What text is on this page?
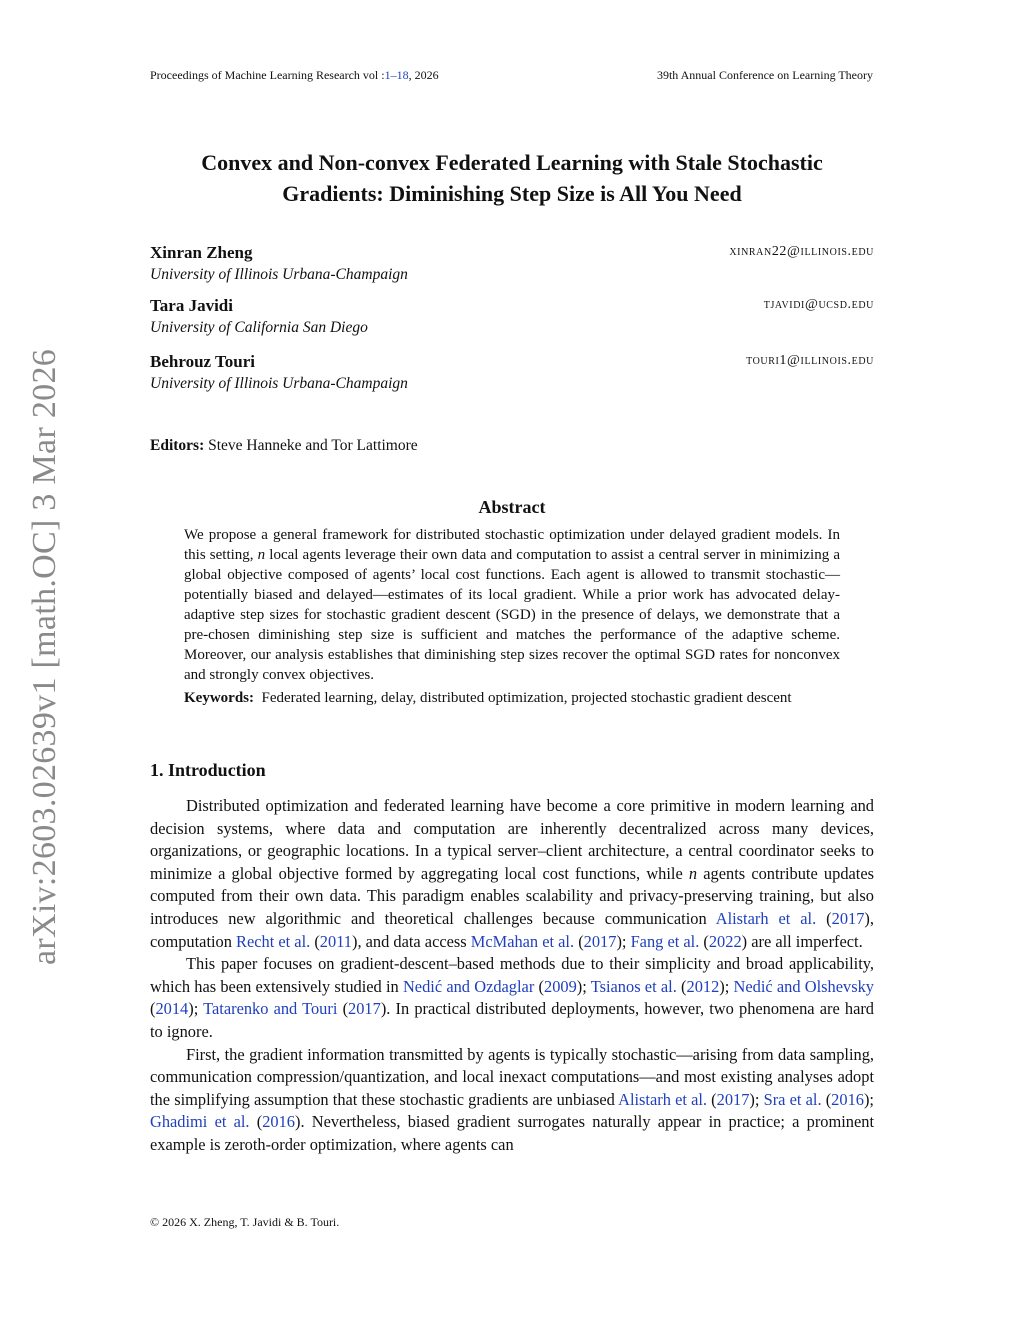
Proceedings of Machine Learning Research vol :1–18, 2026	39th Annual Conference on Learning Theory
arXiv:2603.02639v1 [math.OC] 3 Mar 2026
Convex and Non-convex Federated Learning with Stale Stochastic
Gradients: Diminishing Step Size is All You Need
Xinran Zheng
University of Illinois Urbana-Champaign
xinran22@illinois.edu
Tara Javidi
University of California San Diego
tjavidi@ucsd.edu
Behrouz Touri
University of Illinois Urbana-Champaign
touri1@illinois.edu
Editors: Steve Hanneke and Tor Lattimore
Abstract

We propose a general framework for distributed stochastic optimization under delayed gradient models. In this setting, n local agents leverage their own data and computation to assist a central server in minimizing a global objective composed of agents’ local cost functions. Each agent is allowed to transmit stochastic—potentially biased and delayed—estimates of its local gradient. While a prior work has advocated delay-adaptive step sizes for stochastic gradient descent (SGD) in the presence of delays, we demonstrate that a pre-chosen diminishing step size is sufficient and matches the performance of the adaptive scheme. Moreover, our analysis establishes that diminishing step sizes recover the optimal SGD rates for nonconvex and strongly convex objectives.

Keywords: Federated learning, delay, distributed optimization, projected stochastic gradient descent

1. Introduction

Distributed optimization and federated learning have become a core primitive in modern learning and decision systems, where data and computation are inherently decentralized across many devices, organizations, or geographic locations. In a typical server–client architecture, a central coordinator seeks to minimize a global objective formed by aggregating local cost functions, while n agents contribute updates computed from their own data. This paradigm enables scalability and privacy-preserving training, but also introduces new algorithmic and theoretical challenges because communication Alistarh et al. (2017), computation Recht et al. (2011), and data access McMahan et al. (2017); Fang et al. (2022) are all imperfect.

This paper focuses on gradient-descent–based methods due to their simplicity and broad applicability, which has been extensively studied in Nedić and Ozdaglar (2009); Tsianos et al. (2012); Nedić and Olshevsky (2014); Tatarenko and Touri (2017). In practical distributed deployments, however, two phenomena are hard to ignore.

First, the gradient information transmitted by agents is typically stochastic—arising from data sampling, communication compression/quantization, and local inexact computations—and most existing analyses adopt the simplifying assumption that these stochastic gradients are unbiased Alistarh et al. (2017); Sra et al. (2016); Ghadimi et al. (2016). Nevertheless, biased gradient surrogates naturally appear in practice; a prominent example is zeroth-order optimization, where agents can

© 2026 X. Zheng, T. Javidi & B. Touri.
